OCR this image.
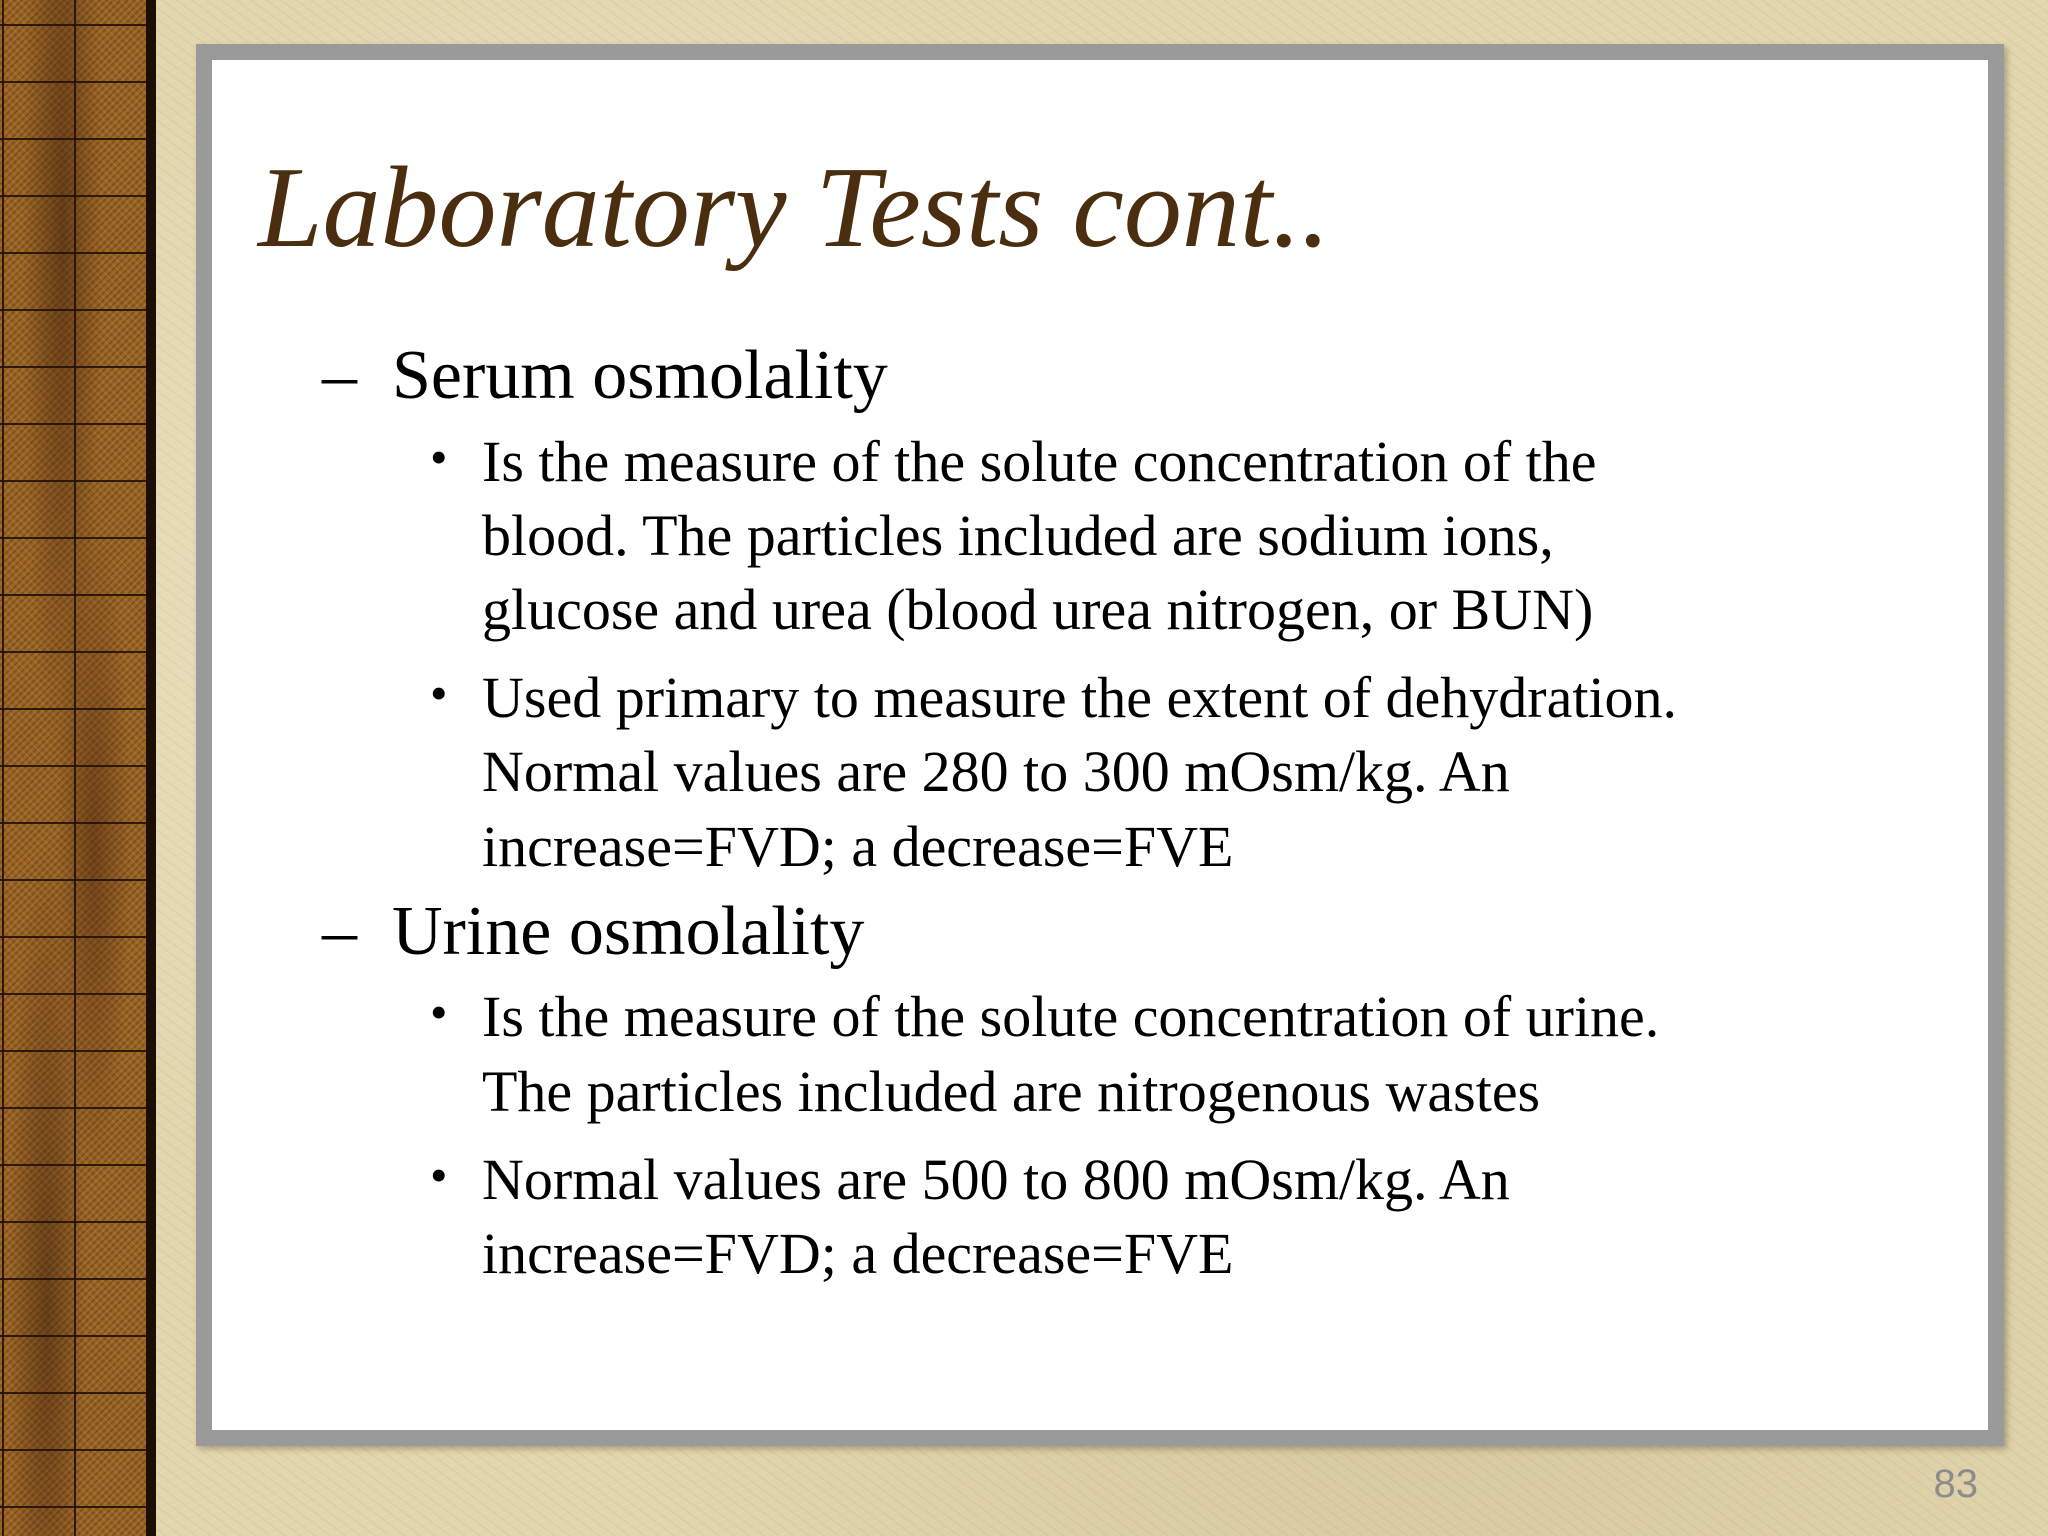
Laboratory Tests cont..

– Serum osmolality

• Is the measure of the solute concentration of the
blood. The particles included are sodium ions,
glucose and urea (blood urea nitrogen, or BUN)
• Used primary to measure the extent of dehydration.
Normal values are 280 to 300 mOsm/kg. An
increase=FVD; a decrease=FVE

– Urine osmolality

• Is the measure of the solute concentration of urine.
The particles included are nitrogenous wastes
• Normal values are 500 to 800 mOsm/kg. An
increase=FVD; a decrease=FVE
83
